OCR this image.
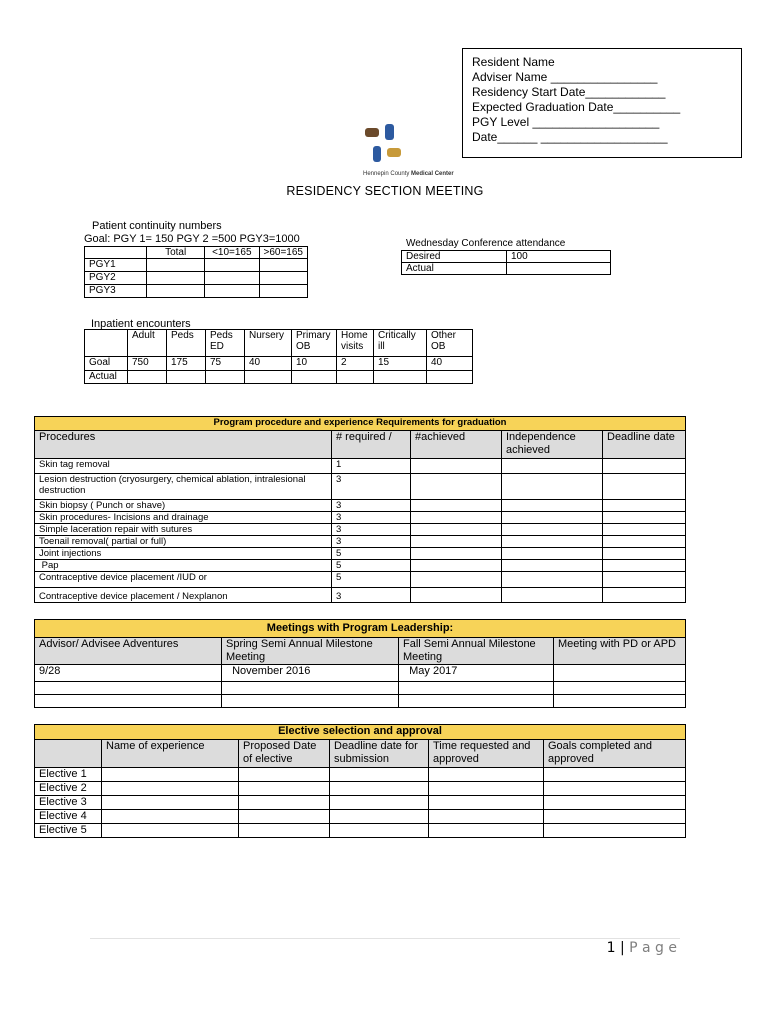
Resident Name
Adviser Name ________________
Residency Start Date____________
Expected Graduation Date__________
PGY Level ___________________
Date______ ___________________
Hennepin County Medical Center
RESIDENCY SECTION MEETING
Patient continuity numbers
Goal: PGY 1= 150 PGY 2 =500 PGY3=1000
	Total	<10=165	>60=165
PGY1			
PGY2			
PGY3			
Wednesday Conference attendance
Desired	100
Actual	
Inpatient encounters
	Adult	Peds	Peds ED	Nursery	Primary OB	Home visits	Critically ill	Other OB
Goal	750	175	75	40	10	2	15	40
Actual								
Program procedure and experience Requirements for graduation				
Procedures	# required /	#achieved	Independence achieved	Deadline date
Skin tag removal	1			
Lesion destruction (cryosurgery, chemical ablation, intralesional destruction	3			
Skin biopsy ( Punch or shave)	3			
Skin procedures- Incisions and drainage	3			
Simple laceration repair with sutures	3			
Toenail removal( partial or full)	3			
Joint injections	5			
Pap	5			
Contraceptive device placement /IUD or	5			
Contraceptive device placement / Nexplanon	3			
Meetings with Program Leadership:			
Advisor/ Advisee Adventures	Spring Semi Annual Milestone Meeting	Fall Semi Annual Milestone Meeting	Meeting with PD or APD
9/28	November 2016	May 2017	

Elective selection and approval					
	Name of experience	Proposed Date of elective	Deadline date for submission	Time requested and approved	Goals completed and approved
Elective 1					
Elective 2					
Elective 3					
Elective 4					
Elective 5					
1 | P a g e
